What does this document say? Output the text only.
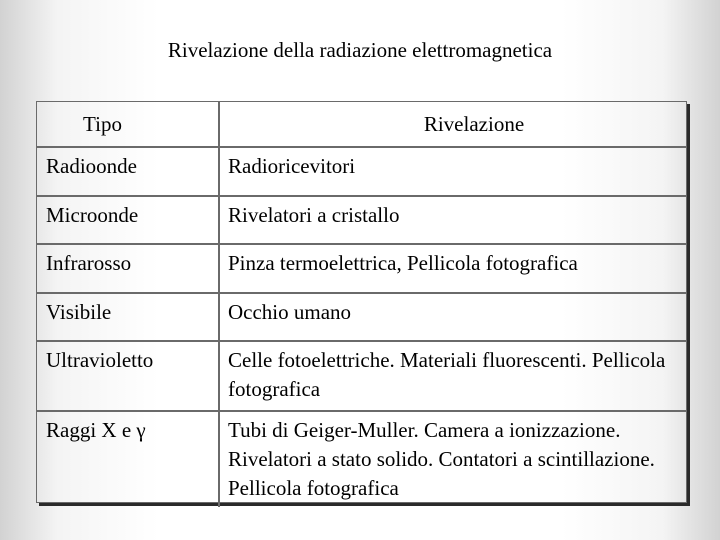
Rivelazione della radiazione elettromagnetica
Tipo	Rivelazione
Radioonde	Radioricevitori
Microonde	Rivelatori a cristallo
Infrarosso	Pinza termoelettrica, Pellicola fotografica
Visibile	Occhio umano
Ultravioletto	Celle fotoelettriche. Materiali fluorescenti. Pellicola fotografica
Raggi X e γ	Tubi di Geiger-Muller. Camera a ionizzazione. Rivelatori a stato solido. Contatori a scintillazione. Pellicola fotografica
